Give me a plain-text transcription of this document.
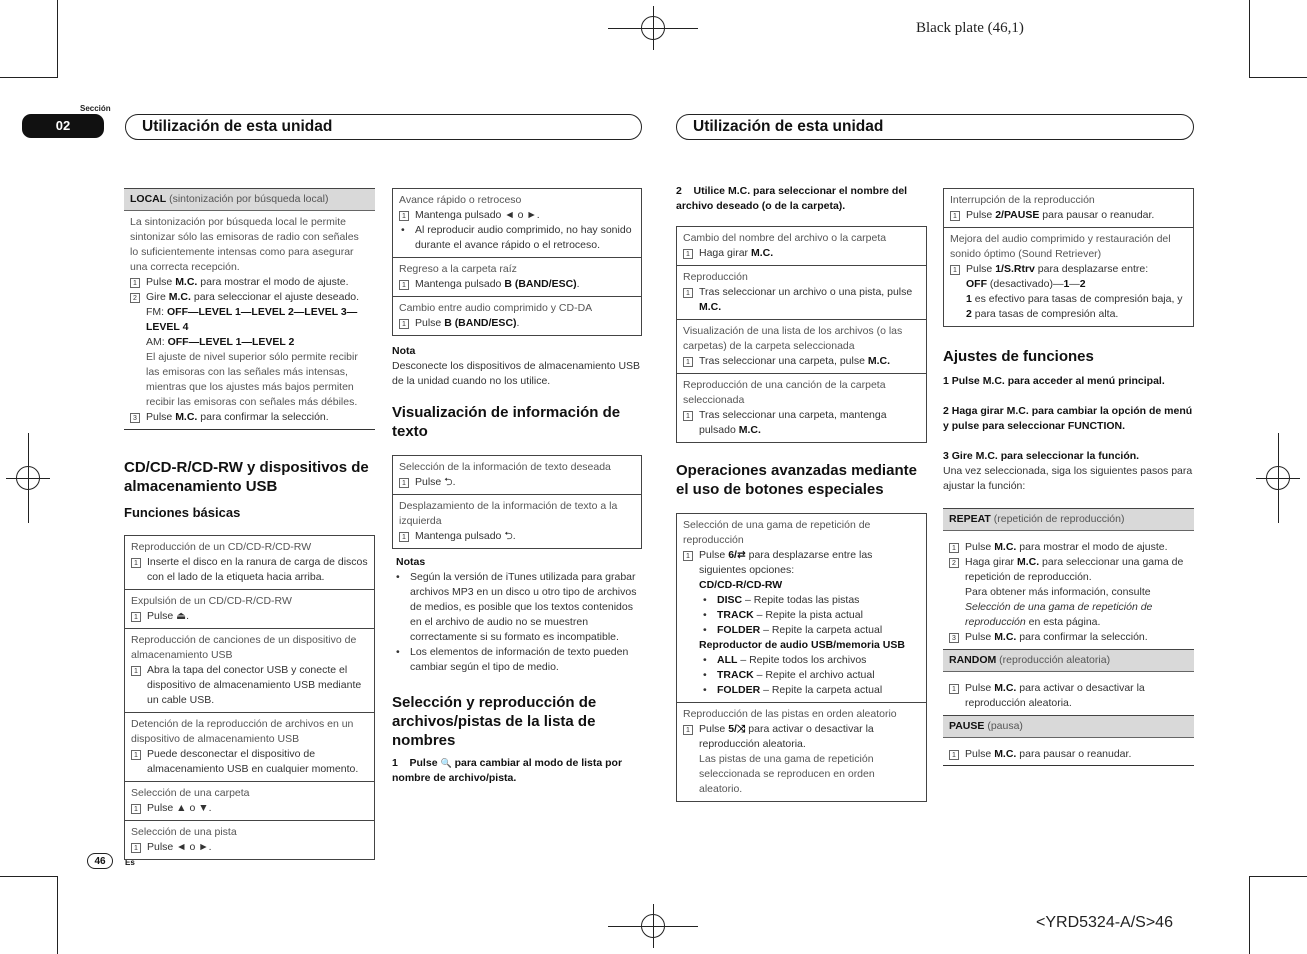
Black plate (46,1)
<YRD5324-A/S>46
Sección
02	Utilización de esta unidad	Utilización de esta unidad
46	Es
LOCAL (sintonización por búsqueda local)
La sintonización por búsqueda local le permite sintonizar sólo las emisoras de radio con señales lo suficientemente intensas como para asegurar una correcta recepción.
1 Pulse M.C. para mostrar el modo de ajuste.
2 Gire M.C. para seleccionar el ajuste deseado.
FM: OFF—LEVEL 1—LEVEL 2—LEVEL 3—LEVEL 4
AM: OFF—LEVEL 1—LEVEL 2
El ajuste de nivel superior sólo permite recibir las emisoras con las señales más intensas, mientras que los ajustes más bajos permiten recibir las emisoras con señales más débiles.
3 Pulse M.C. para confirmar la selección.
CD/CD-R/CD-RW y dispositivos de almacenamiento USB
Funciones básicas
Reproducción de un CD/CD-R/CD-RW
1 Inserte el disco en la ranura de carga de discos con el lado de la etiqueta hacia arriba.
Expulsión de un CD/CD-R/CD-RW
1 Pulse ⏏.
Reproducción de canciones de un dispositivo de almacenamiento USB
1 Abra la tapa del conector USB y conecte el dispositivo de almacenamiento USB mediante un cable USB.
Detención de la reproducción de archivos en un dispositivo de almacenamiento USB
1 Puede desconectar el dispositivo de almacenamiento USB en cualquier momento.
Selección de una carpeta
1 Pulse ▲ o ▼.
Selección de una pista
1 Pulse ◄ o ►.
Avance rápido o retroceso
1 Mantenga pulsado ◄ o ►.
• Al reproducir audio comprimido, no hay sonido durante el avance rápido o el retroceso.
Regreso a la carpeta raíz
1 Mantenga pulsado B (BAND/ESC).
Cambio entre audio comprimido y CD-DA
1 Pulse B (BAND/ESC).
Nota
Desconecte los dispositivos de almacenamiento USB de la unidad cuando no los utilice.
Visualización de información de texto
Selección de la información de texto deseada
1 Pulse ⮌.
Desplazamiento de la información de texto a la izquierda
1 Mantenga pulsado ⮌.
Notas
• Según la versión de iTunes utilizada para grabar archivos MP3 en un disco u otro tipo de archivos de medios, es posible que los textos contenidos en el archivo de audio no se muestren correctamente si su formato es incompatible.
• Los elementos de información de texto pueden cambiar según el tipo de medio.
Selección y reproducción de archivos/pistas de la lista de nombres
1 Pulse 🔍 para cambiar al modo de lista por nombre de archivo/pista.
2 Utilice M.C. para seleccionar el nombre del archivo deseado (o de la carpeta).
Cambio del nombre del archivo o la carpeta
1 Haga girar M.C.
Reproducción
1 Tras seleccionar un archivo o una pista, pulse M.C.
Visualización de una lista de los archivos (o las carpetas) de la carpeta seleccionada
1 Tras seleccionar una carpeta, pulse M.C.
Reproducción de una canción de la carpeta seleccionada
1 Tras seleccionar una carpeta, mantenga pulsado M.C.
Operaciones avanzadas mediante el uso de botones especiales
Selección de una gama de repetición de reproducción
1 Pulse 6/⇄ para desplazarse entre las siguientes opciones:
CD/CD-R/CD-RW
• DISC – Repite todas las pistas
• TRACK – Repite la pista actual
• FOLDER – Repite la carpeta actual
Reproductor de audio USB/memoria USB
• ALL – Repite todos los archivos
• TRACK – Repite el archivo actual
• FOLDER – Repite la carpeta actual
Reproducción de las pistas en orden aleatorio
1 Pulse 5/⤨ para activar o desactivar la reproducción aleatoria.
Las pistas de una gama de repetición seleccionada se reproducen en orden aleatorio.
Interrupción de la reproducción
1 Pulse 2/PAUSE para pausar o reanudar.
Mejora del audio comprimido y restauración del sonido óptimo (Sound Retriever)
1 Pulse 1/S.Rtrv para desplazarse entre:
OFF (desactivado)—1—2
1 es efectivo para tasas de compresión baja, y 2 para tasas de compresión alta.
Ajustes de funciones
1 Pulse M.C. para acceder al menú principal.
2 Haga girar M.C. para cambiar la opción de menú y pulse para seleccionar FUNCTION.
3 Gire M.C. para seleccionar la función.
Una vez seleccionada, siga los siguientes pasos para ajustar la función:
REPEAT (repetición de reproducción)
1 Pulse M.C. para mostrar el modo de ajuste.
2 Haga girar M.C. para seleccionar una gama de repetición de reproducción.
Para obtener más información, consulte Selección de una gama de repetición de reproducción en esta página.
3 Pulse M.C. para confirmar la selección.
RANDOM (reproducción aleatoria)
1 Pulse M.C. para activar o desactivar la reproducción aleatoria.
PAUSE (pausa)
1 Pulse M.C. para pausar o reanudar.
